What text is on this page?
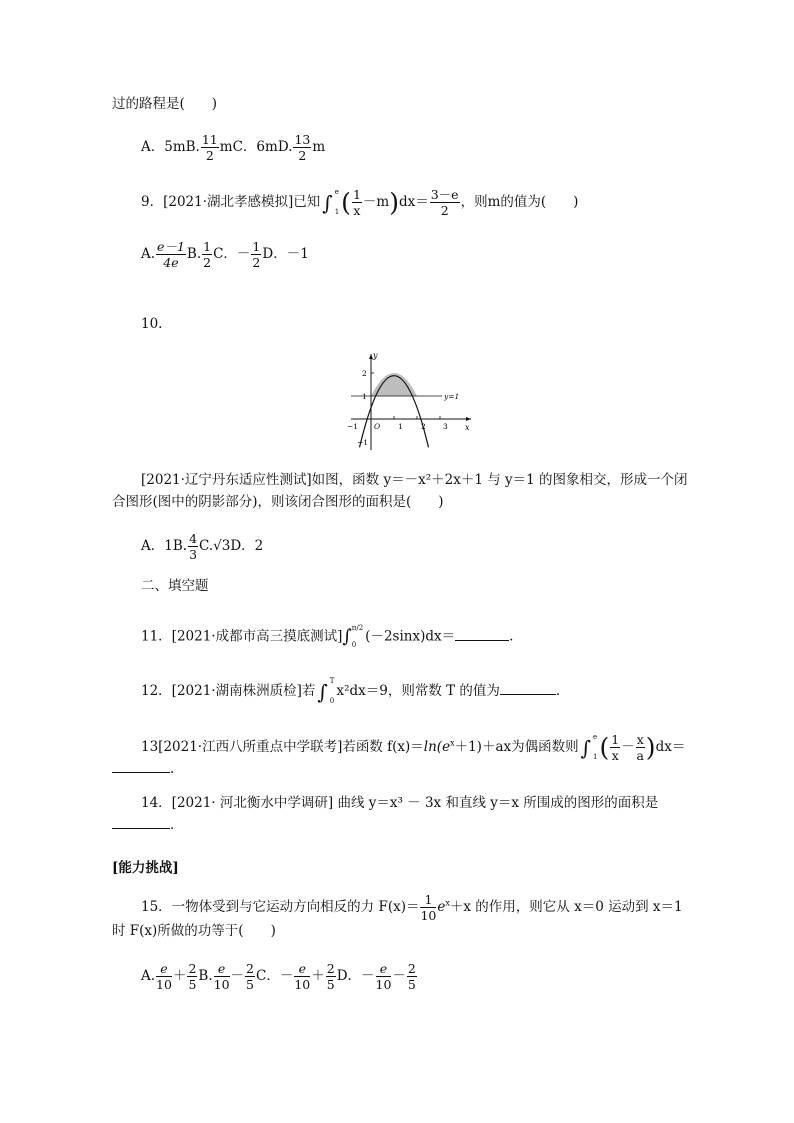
过的路程是(　　)
A．5mB. $\frac{11}{2}$ mC．6mD. $\frac{13}{2}$ m
9．[2021·湖北孝感模拟]已知 ∫ e
1 ( $\frac{1}{x} -m)dx= \frac{3-e}{2}$ ，则m的值为(　　)
A. $\frac{e-1}{4e} B$. $\frac{1}{2}$ C．－ $\frac{1}{2}$ D．－1
10.
y
x
y=1
O
2
1
−1
−1	1 2 3
[2021·辽宁丹东适应性测试]如图，函数 y＝－x²＋2x＋1 与 y＝1 的图象相交，形成一个闭
合图形(图中的阴影部分)，则该闭合图形的面积是(　　)
A．1B. $\frac{4}{3} C.√3D$．2
二、填空题
11．[2021·成都市高三摸底测试]∫ π/2
0
(－2sinx)dx＝	.
12．[2021·湖南株洲质检]若 ∫ T
0
x²dx＝9，则常数 T 的值为	．
13[2021·江西八所重点中学联考]若函数 $f(x)=\ln(e^x+1)+ax$为偶函数则 ∫ e
1 ( $\frac{1}{x} - \frac{x}{a} )dx=$
.
14．[2021· 河北衡水中学调研] 曲线 y＝x³ － 3x 和直线 y＝x 所围成的图形的面积是
．
[能力挑战]
15．一物体受到与它运动方向相反的力 $F(x)= \frac{1}{10} e^x+x$ 的作用，则它从 x＝0 运动到 x＝1
时 F(x)所做的功等于(　　)
A. $\frac{e}{10} + \frac{2}{5} B$. $\frac{e}{10} - \frac{2}{5}$ C．－ $\frac{e}{10} + \frac{2}{5}$ D．－ $\frac{e}{10} - \frac{2}{5}$
